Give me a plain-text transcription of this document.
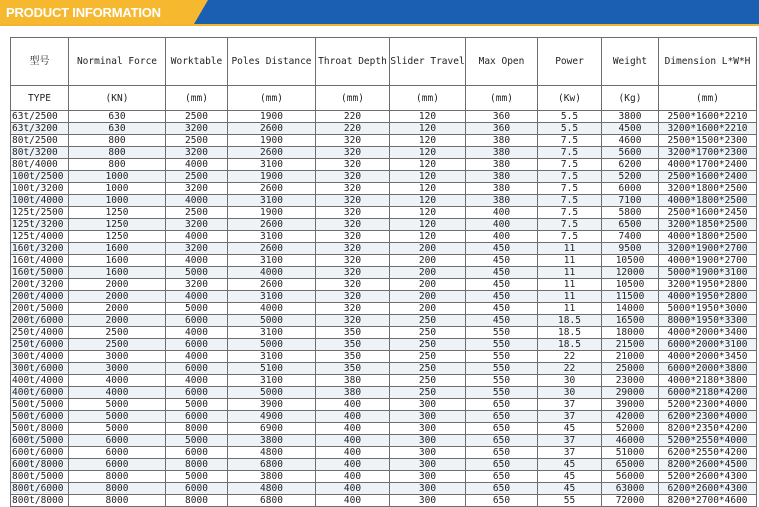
PRODUCT INFORMATION
型号	Norminal Force	Worktable	Poles Distance	Throat Depth	Slider Travel	Max Open	Power	Weight	Dimension L*W*H
TYPE	(KN)	(mm)	(mm)	(mm)	(mm)	(mm)	(Kw)	(Kg)	(mm)
63t/2500	630	2500	1900	220	120	360	5.5	3800	2500*1600*2210
63t/3200	630	3200	2600	220	120	360	5.5	4500	3200*1600*2210
80t/2500	800	2500	1900	320	120	380	7.5	4600	2500*1500*2300
80t/3200	800	3200	2600	320	120	380	7.5	5600	3200*1700*2300
80t/4000	800	4000	3100	320	120	380	7.5	6200	4000*1700*2400
100t/2500	1000	2500	1900	320	120	380	7.5	5200	2500*1600*2400
100t/3200	1000	3200	2600	320	120	380	7.5	6000	3200*1800*2500
100t/4000	1000	4000	3100	320	120	380	7.5	7100	4000*1800*2500
125t/2500	1250	2500	1900	320	120	400	7.5	5800	2500*1600*2450
125t/3200	1250	3200	2600	320	120	400	7.5	6500	3200*1850*2500
125t/4000	1250	4000	3100	320	120	400	7.5	7400	4000*1800*2500
160t/3200	1600	3200	2600	320	200	450	11	9500	3200*1900*2700
160t/4000	1600	4000	3100	320	200	450	11	10500	4000*1900*2700
160t/5000	1600	5000	4000	320	200	450	11	12000	5000*1900*3100
200t/3200	2000	3200	2600	320	200	450	11	10500	3200*1950*2800
200t/4000	2000	4000	3100	320	200	450	11	11500	4000*1950*2800
200t/5000	2000	5000	4000	320	200	450	11	14000	5000*1950*3000
200t/6000	2000	6000	5000	320	250	450	18.5	16500	8000*1950*3300
250t/4000	2500	4000	3100	350	250	550	18.5	18000	4000*2000*3400
250t/6000	2500	6000	5000	350	250	550	18.5	21500	6000*2000*3100
300t/4000	3000	4000	3100	350	250	550	22	21000	4000*2000*3450
300t/6000	3000	6000	5100	350	250	550	22	25000	6000*2000*3800
400t/4000	4000	4000	3100	380	250	550	30	23000	4000*2180*3800
400t/6000	4000	6000	5000	380	250	550	30	29000	6000*2180*4200
500t/5000	5000	5000	3900	400	300	650	37	39000	5200*2300*4000
500t/6000	5000	6000	4900	400	300	650	37	42000	6200*2300*4000
500t/8000	5000	8000	6900	400	300	650	45	52000	8200*2350*4200
600t/5000	6000	5000	3800	400	300	650	37	46000	5200*2550*4000
600t/6000	6000	6000	4800	400	300	650	37	51000	6200*2550*4200
600t/8000	6000	8000	6800	400	300	650	45	65000	8200*2600*4500
800t/5000	8000	5000	3800	400	300	650	45	56000	5200*2600*4300
800t/6000	8000	6000	4800	400	300	650	45	63000	6200*2600*4300
800t/8000	8000	8000	6800	400	300	650	55	72000	8200*2700*4600
